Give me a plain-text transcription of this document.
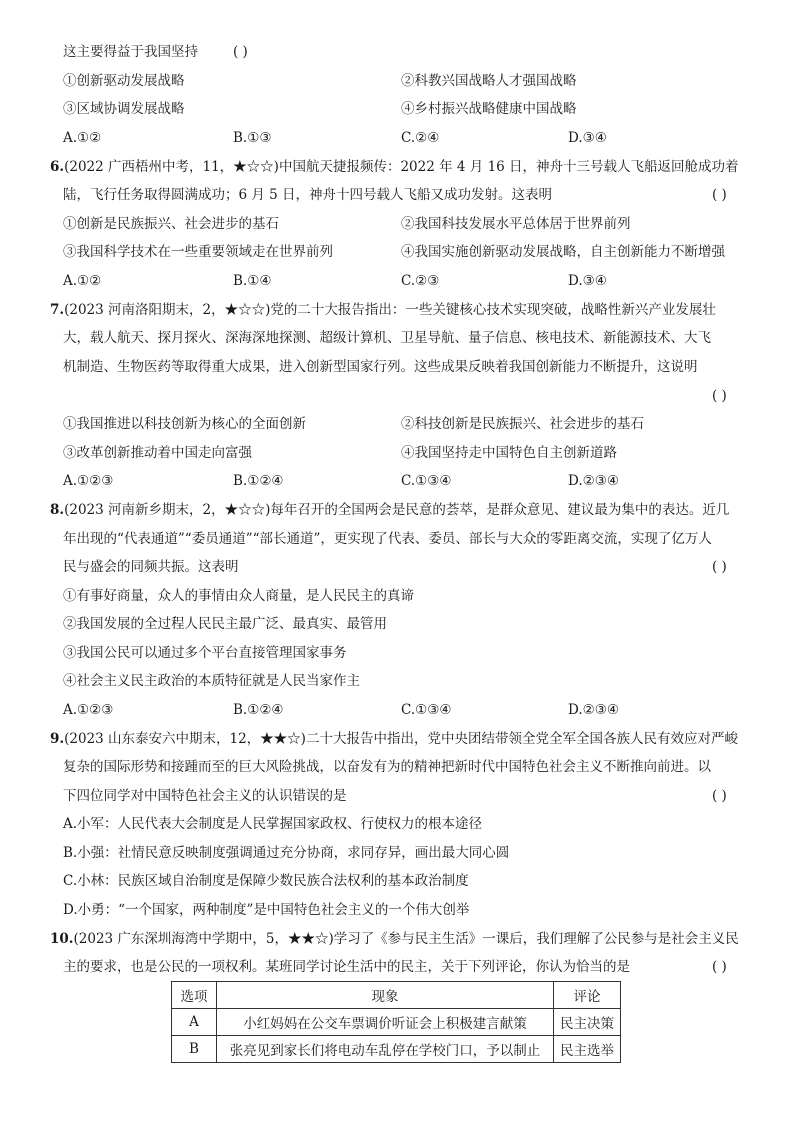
这主要得益于我国坚持	( )
①创新驱动发展战略	②科教兴国战略人才强国战略
③区域协调发展战略	④乡村振兴战略健康中国战略
A.①②	B.①③	C.②④	D.③④
6.(2022 广西梧州中考，11，★☆☆)中国航天捷报频传：2022 年 4 月 16 日，神舟十三号载人飞船返回舱成功着
陆，飞行任务取得圆满成功；6 月 5 日，神舟十四号载人飞船又成功发射。这表明	( )
①创新是民族振兴、社会进步的基石	②我国科技发展水平总体居于世界前列
③我国科学技术在一些重要领域走在世界前列	④我国实施创新驱动发展战略，自主创新能力不断增强
A.①②	B.①④	C.②③	D.③④
7.(2023 河南洛阳期末，2，★☆☆)党的二十大报告指出：一些关键核心技术实现突破，战略性新兴产业发展壮
大，载人航天、探月探火、深海深地探测、超级计算机、卫星导航、量子信息、核电技术、新能源技术、大飞
机制造、生物医药等取得重大成果，进入创新型国家行列。这些成果反映着我国创新能力不断提升，这说明
( )
①我国推进以科技创新为核心的全面创新	②科技创新是民族振兴、社会进步的基石
③改革创新推动着中国走向富强	④我国坚持走中国特色自主创新道路
A.①②③	B.①②④	C.①③④	D.②③④
8.(2023 河南新乡期末，2，★☆☆)每年召开的全国两会是民意的荟萃，是群众意见、建议最为集中的表达。近几
年出现的“代表通道”“委员通道”“部长通道”，更实现了代表、委员、部长与大众的零距离交流，实现了亿万人
民与盛会的同频共振。这表明	( )
①有事好商量，众人的事情由众人商量，是人民民主的真谛
②我国发展的全过程人民民主最广泛、最真实、最管用
③我国公民可以通过多个平台直接管理国家事务
④社会主义民主政治的本质特征就是人民当家作主
A.①②③	B.①②④	C.①③④	D.②③④
9.(2023 山东泰安六中期末，12，★★☆)二十大报告中指出，党中央团结带领全党全军全国各族人民有效应对严峻
复杂的国际形势和接踵而至的巨大风险挑战，以奋发有为的精神把新时代中国特色社会主义不断推向前进。以
下四位同学对中国特色社会主义的认识错误的是	( )
A.小军：人民代表大会制度是人民掌握国家政权、行使权力的根本途径
B.小强：社情民意反映制度强调通过充分协商，求同存异，画出最大同心圆
C.小林：民族区域自治制度是保障少数民族合法权利的基本政治制度
D.小勇：“一个国家，两种制度”是中国特色社会主义的一个伟大创举
10.(2023 广东深圳海湾中学期中，5，★★☆)学习了《参与民主生活》一课后，我们理解了公民参与是社会主义民
主的要求，也是公民的一项权利。某班同学讨论生活中的民主，关于下列评论，你认为恰当的是	( )
选项	现象	评论
A	小红妈妈在公交车票调价听证会上积极建言献策	民主决策
B	张亮见到家长们将电动车乱停在学校门口，予以制止	民主选举
